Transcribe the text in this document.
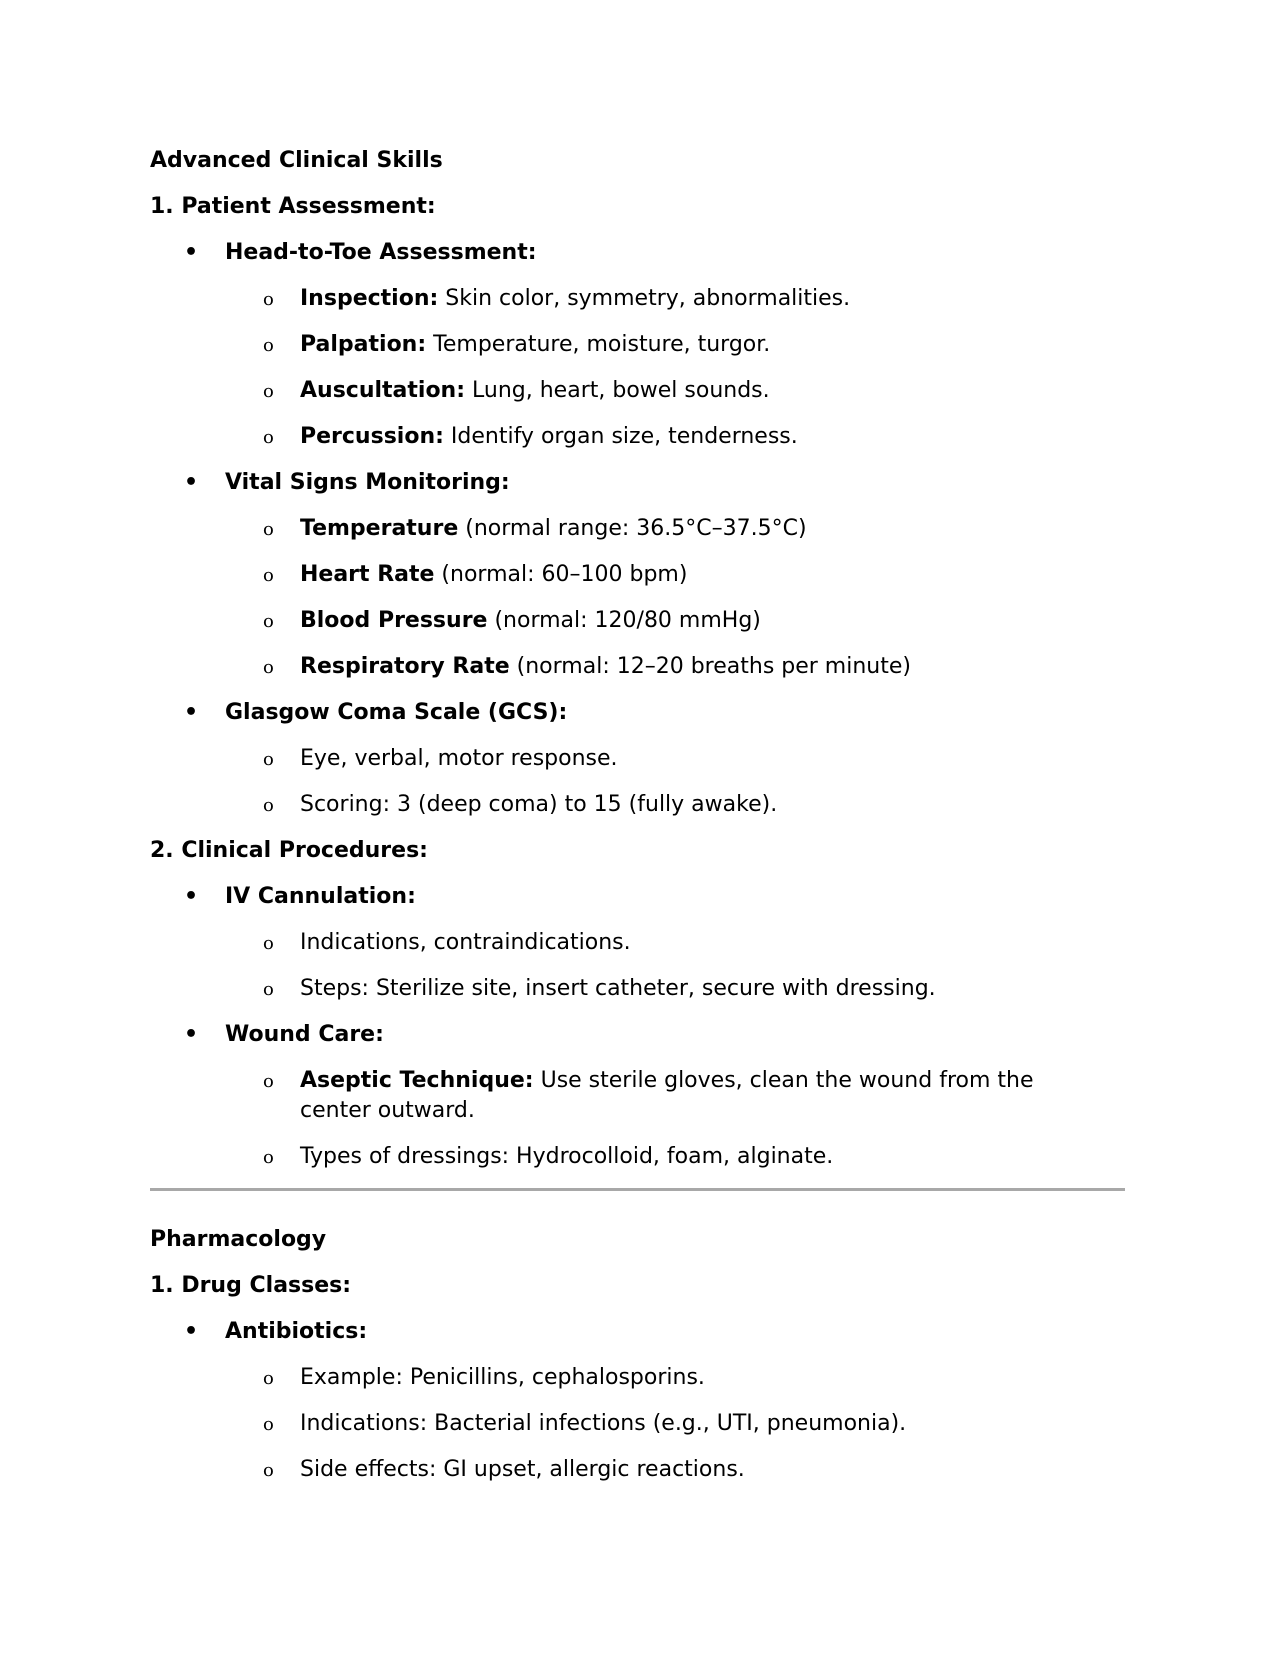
Advanced Clinical Skills
1. Patient Assessment:
• Head-to-Toe Assessment:
o Inspection: Skin color, symmetry, abnormalities.
o Palpation: Temperature, moisture, turgor.
o Auscultation: Lung, heart, bowel sounds.
o Percussion: Identify organ size, tenderness.
• Vital Signs Monitoring:
o Temperature (normal range: 36.5°C–37.5°C)
o Heart Rate (normal: 60–100 bpm)
o Blood Pressure (normal: 120/80 mmHg)
o Respiratory Rate (normal: 12–20 breaths per minute)
• Glasgow Coma Scale (GCS):
o Eye, verbal, motor response.
o Scoring: 3 (deep coma) to 15 (fully awake).
2. Clinical Procedures:
• IV Cannulation:
o Indications, contraindications.
o Steps: Sterilize site, insert catheter, secure with dressing.
• Wound Care:
o Aseptic Technique: Use sterile gloves, clean the wound from the center outward.
o Types of dressings: Hydrocolloid, foam, alginate.
Pharmacology
1. Drug Classes:
• Antibiotics:
o Example: Penicillins, cephalosporins.
o Indications: Bacterial infections (e.g., UTI, pneumonia).
o Side effects: GI upset, allergic reactions.
